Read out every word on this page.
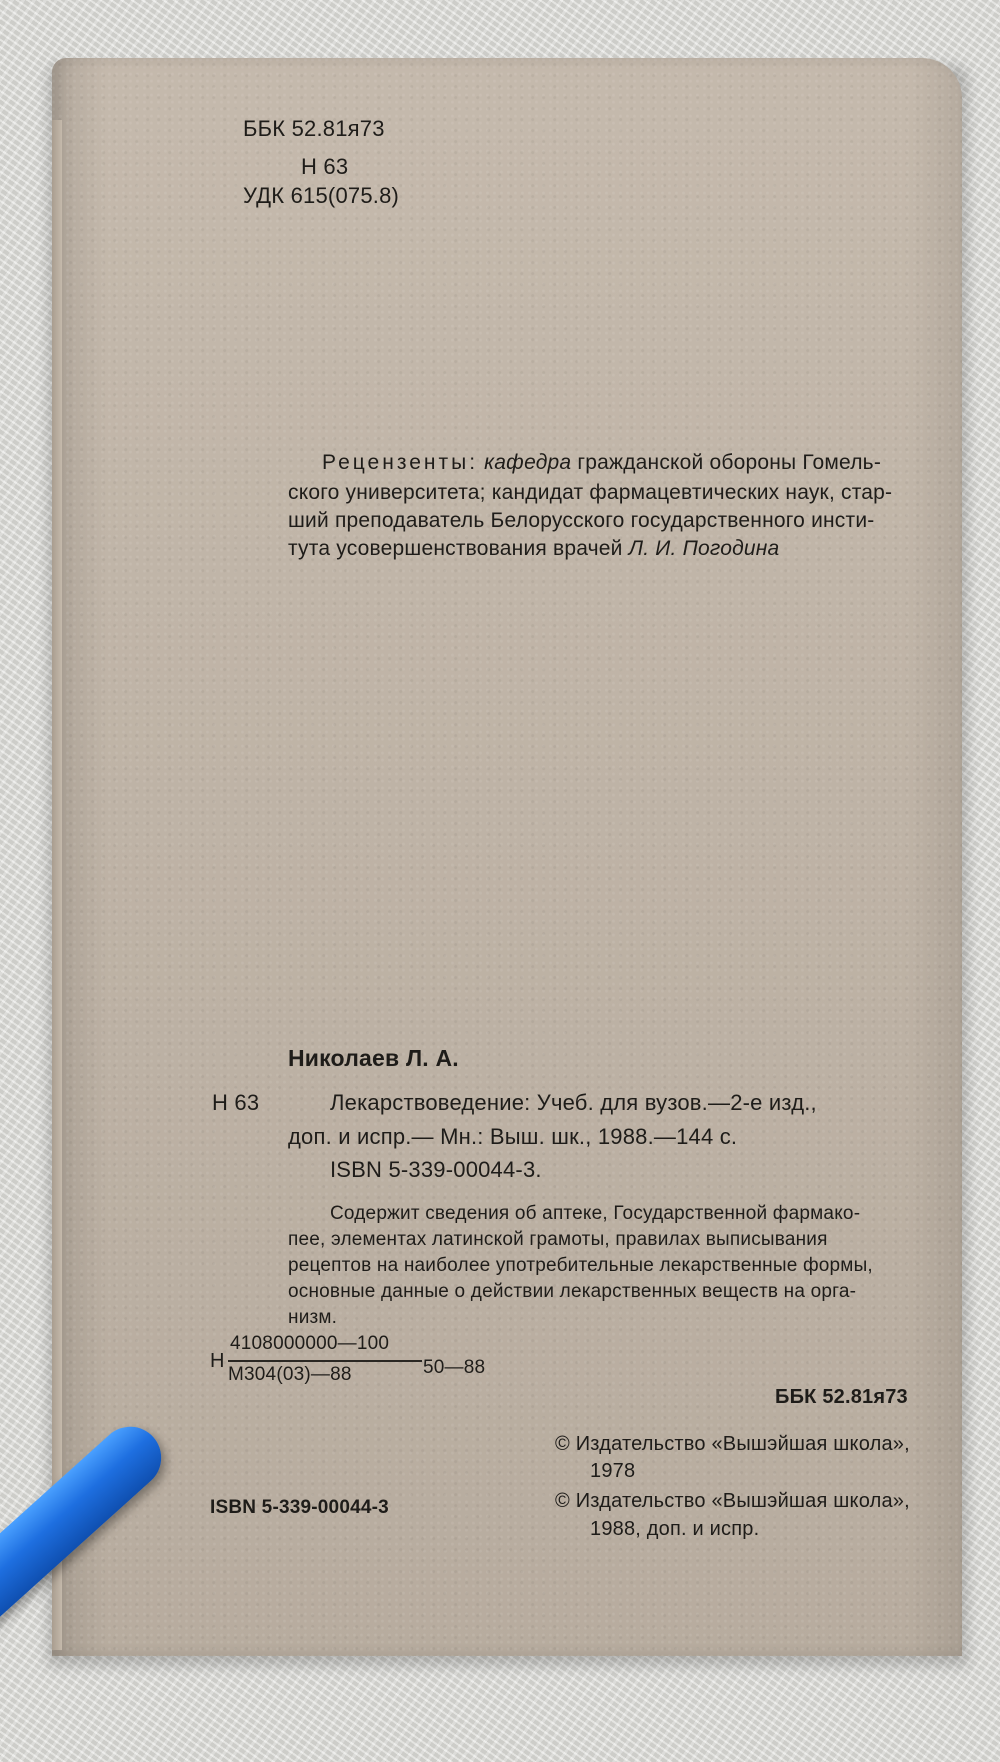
ББК 52.81я73
Н 63
УДК 615(075.8)
Рецензенты: кафедра гражданской обороны Гомель-
ского университета; кандидат фармацевтических наук, стар-
ший преподаватель Белорусского государственного инсти-
тута усовершенствования врачей Л. И. Погодина
Николаев Л. А.
Н 63	Лекарствоведение: Учеб. для вузов.—2-е изд.,
доп. и испр.— Мн.: Выш. шк., 1988.—144 с.
ISBN 5-339-00044-3.
Содержит сведения об аптеке, Государственной фармако-
пее, элементах латинской грамоты, правилах выписывания
рецептов на наиболее употребительные лекарственные формы,
основные данные о действии лекарственных веществ на орга-
низм.
Н
4108000000—100
М304(03)—88	50—88
ББК 52.81я73
© Издательство «Вышэйшая школа»,
1978
ISBN 5-339-00044-3	© Издательство «Вышэйшая школа»,
1988, доп. и испр.
